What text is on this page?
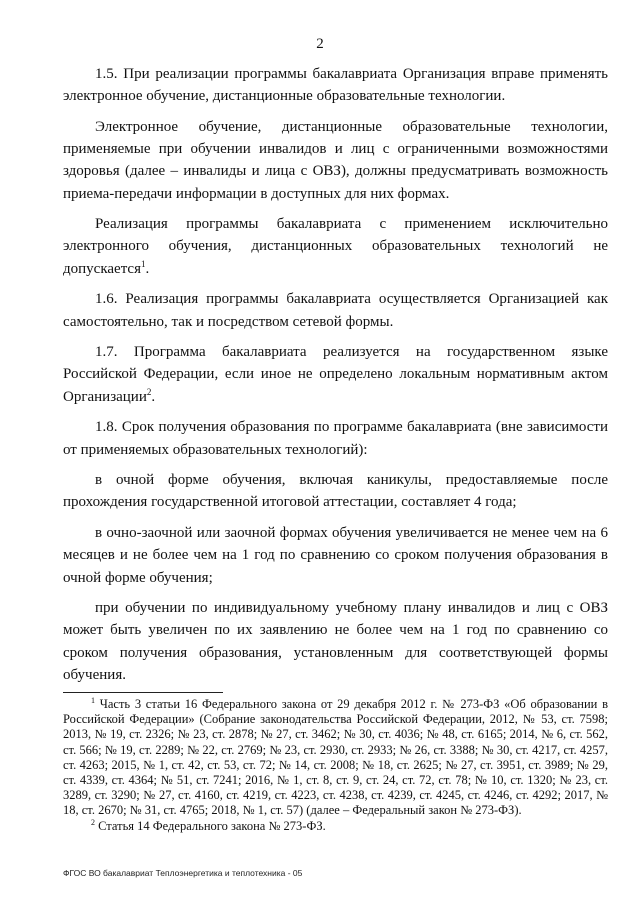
2

1.5. При реализации программы бакалавриата Организация вправе применять электронное обучение, дистанционные образовательные технологии.

Электронное обучение, дистанционные образовательные технологии, применяемые при обучении инвалидов и лиц с ограниченными возможностями здоровья (далее – инвалиды и лица с ОВЗ), должны предусматривать возможность приема-передачи информации в доступных для них формах.

Реализация программы бакалавриата с применением исключительно электронного обучения, дистанционных образовательных технологий не допускается$^1$.

1.6. Реализация программы бакалавриата осуществляется Организацией как самостоятельно, так и посредством сетевой формы.

1.7. Программа бакалавриата реализуется на государственном языке Российской Федерации, если иное не определено локальным нормативным актом Организации$^2$.

1.8. Срок получения образования по программе бакалавриата (вне зависимости от применяемых образовательных технологий):

в очной форме обучения, включая каникулы, предоставляемые после прохождения государственной итоговой аттестации, составляет 4 года;

в очно-заочной или заочной формах обучения увеличивается не менее чем на 6 месяцев и не более чем на 1 год по сравнению со сроком получения образования в очной форме обучения;

при обучении по индивидуальному учебному плану инвалидов и лиц с ОВЗ может быть увеличен по их заявлению не более чем на 1 год по сравнению со сроком получения образования, установленным для соответствующей формы обучения.

$^1$ Часть 3 статьи 16 Федерального закона от 29 декабря 2012 г. № 273-ФЗ «Об образовании в Российской Федерации» (Собрание законодательства Российской Федерации, 2012, № 53, ст. 7598; 2013, № 19, ст. 2326; № 23, ст. 2878; № 27, ст. 3462; № 30, ст. 4036; № 48, ст. 6165; 2014, № 6, ст. 562, ст. 566; № 19, ст. 2289; № 22, ст. 2769; № 23, ст. 2930, ст. 2933; № 26, ст. 3388; № 30, ст. 4217, ст. 4257, ст. 4263; 2015, № 1, ст. 42, ст. 53, ст. 72; № 14, ст. 2008; № 18, ст. 2625; № 27, ст. 3951, ст. 3989; № 29, ст. 4339, ст. 4364; № 51, ст. 7241; 2016, № 1, ст. 8, ст. 9, ст. 24, ст. 72, ст. 78; № 10, ст. 1320; № 23, ст. 3289, ст. 3290; № 27, ст. 4160, ст. 4219, ст. 4223, ст. 4238, ст. 4239, ст. 4245, ст. 4246, ст. 4292; 2017, № 18, ст. 2670; № 31, ст. 4765; 2018, № 1, ст. 57) (далее – Федеральный закон № 273-ФЗ).

$^2$ Статья 14 Федерального закона № 273-ФЗ.

ФГОС ВО бакалавриат Теплоэнергетика и теплотехника - 05
